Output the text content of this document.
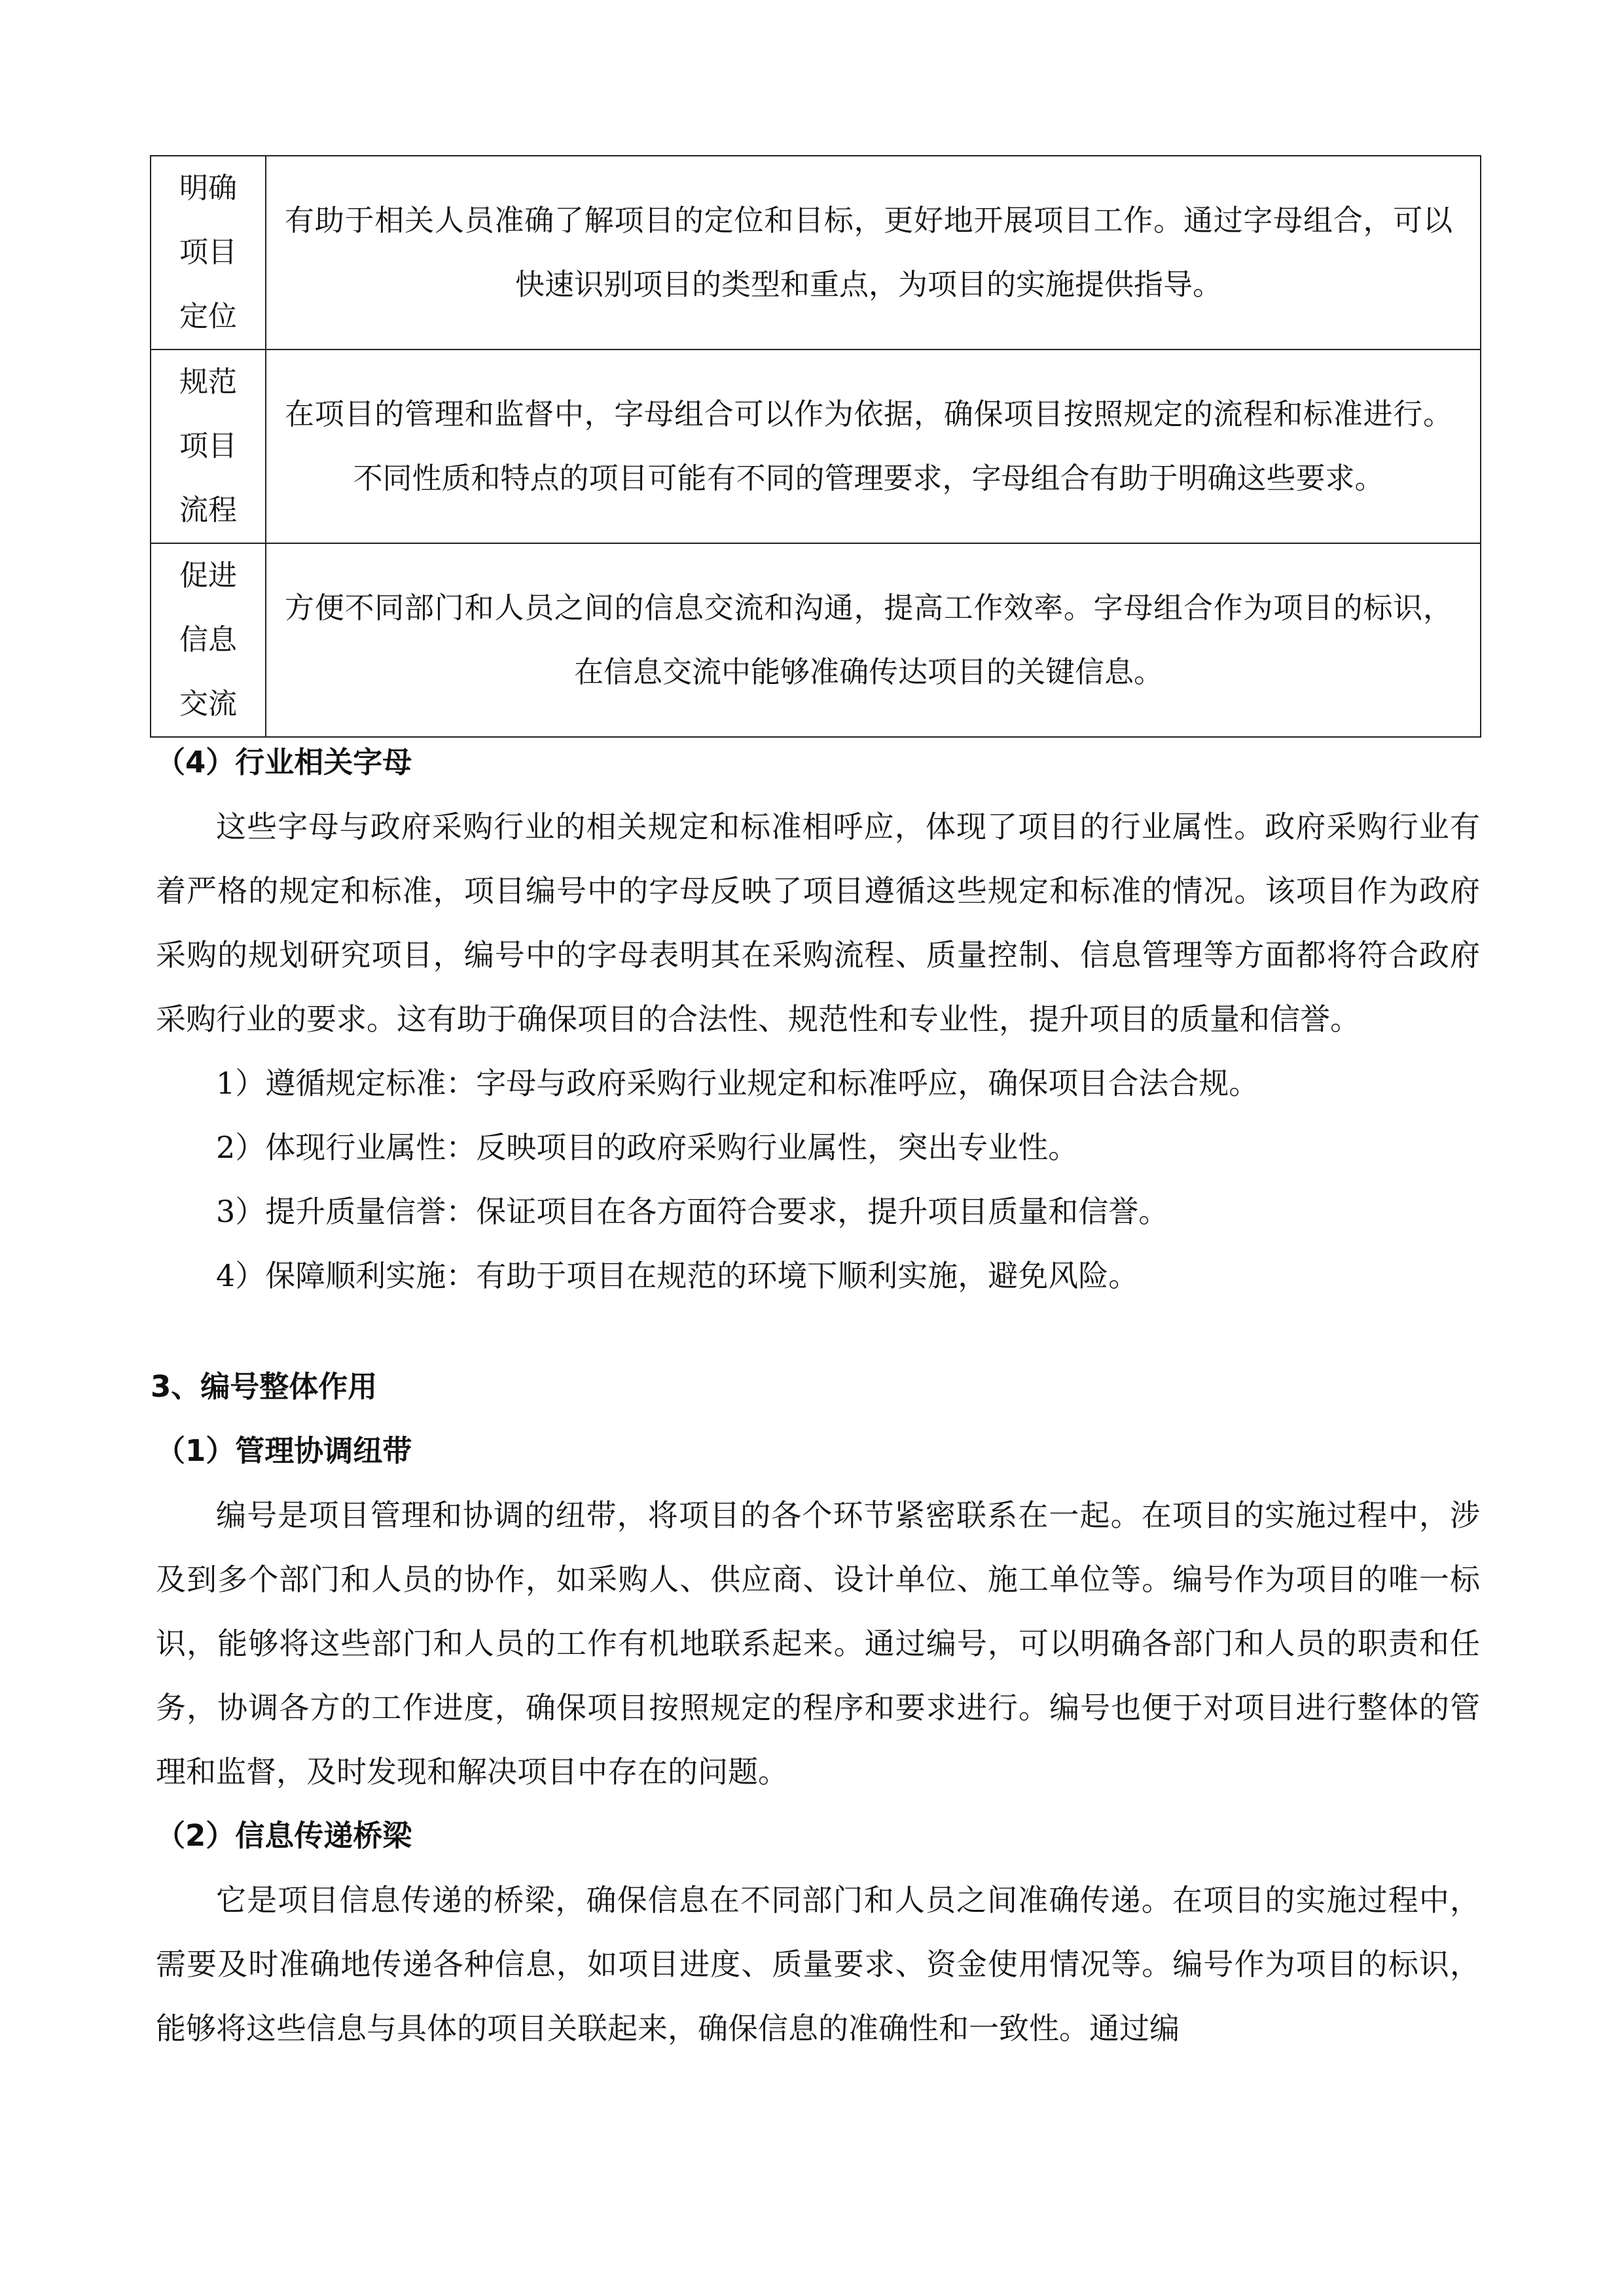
明确
项目
定位	有助于相关人员准确了解项目的定位和目标，更好地开展项目工作。通过字母组合，可以快速识别项目的类型和重点，为项目的实施提供指导。

规范
项目
流程	在项目的管理和监督中，字母组合可以作为依据，确保项目按照规定的流程和标准进行。不同性质和特点的项目可能有不同的管理要求，字母组合有助于明确这些要求。

促进
信息
交流	方便不同部门和人员之间的信息交流和沟通，提高工作效率。字母组合作为项目的标识，在信息交流中能够准确传达项目的关键信息。
（4）行业相关字母

这些字母与政府采购行业的相关规定和标准相呼应，体现了项目的行业属性。政府采购行业有着严格的规定和标准，项目编号中的字母反映了项目遵循这些规定和标准的情况。该项目作为政府采购的规划研究项目，编号中的字母表明其在采购流程、质量控制、信息管理等方面都将符合政府采购行业的要求。这有助于确保项目的合法性、规范性和专业性，提升项目的质量和信誉。

1）遵循规定标准：字母与政府采购行业规定和标准呼应，确保项目合法合规。

2）体现行业属性：反映项目的政府采购行业属性，突出专业性。

3）提升质量信誉：保证项目在各方面符合要求，提升项目质量和信誉。

4）保障顺利实施：有助于项目在规范的环境下顺利实施，避免风险。

3、编号整体作用
（1）管理协调纽带

编号是项目管理和协调的纽带，将项目的各个环节紧密联系在一起。在项目的实施过程中，涉及到多个部门和人员的协作，如采购人、供应商、设计单位、施工单位等。编号作为项目的唯一标识，能够将这些部门和人员的工作有机地联系起来。通过编号，可以明确各部门和人员的职责和任务，协调各方的工作进度，确保项目按照规定的程序和要求进行。编号也便于对项目进行整体的管理和监督，及时发现和解决项目中存在的问题。

（2）信息传递桥梁

它是项目信息传递的桥梁，确保信息在不同部门和人员之间准确传递。在项目的实施过程中，需要及时准确地传递各种信息，如项目进度、质量要求、资金使用情况等。编号作为项目的标识，能够将这些信息与具体的项目关联起来，确保信息的准确性和一致性。通过编
